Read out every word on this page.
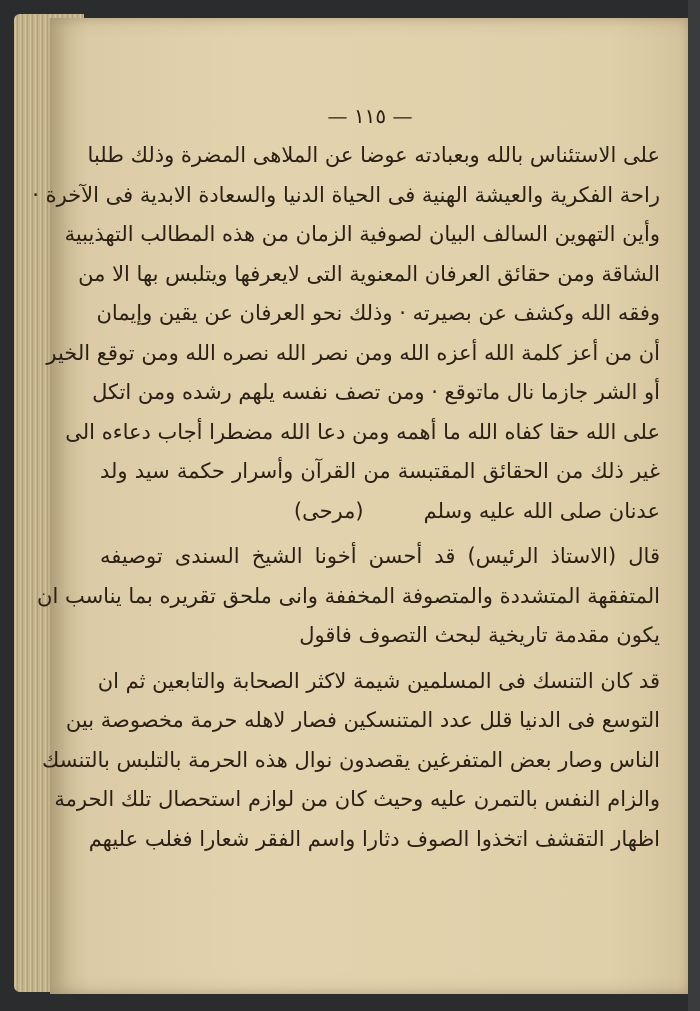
— ١١٥ —
على الاستئناس بالله وبعبادته عوضا عن الملاهى المضرة وذلك طلبا
راحة الفكرية والعيشة الهنية فى الحياة الدنيا والسعادة الابدية فى الآخرة ·
وأين التهوين السالف البيان لصوفية الزمان من هذه المطالب التهذيبية
الشاقة ومن حقائق العرفان المعنوية التى لايعرفها ويتلبس بها الا من
وفقه الله وكشف عن بصيرته · وذلك نحو العرفان عن يقين وإيمان
أن من أعز كلمة الله أعزه الله ومن نصر الله نصره الله ومن توقع الخير
أو الشر جازما نال ماتوقع · ومن تصف نفسه يلهم رشده ومن اتكل
على الله حقا كفاه الله ما أهمه ومن دعا الله مضطرا أجاب دعاءه الى
غير ذلك من الحقائق المقتبسة من القرآن وأسرار حكمة سيد ولد
عدنان صلى الله عليه وسلم
(مرحى)
قال (الاستاذ الرئيس) قد أحسن أخونا الشيخ السندى توصيفه
المتفقهة المتشددة والمتصوفة المخففة وانى ملحق تقريره بما يناسب ان
يكون مقدمة تاريخية لبحث التصوف فاقول
قد كان التنسك فى المسلمين شيمة لاكثر الصحابة والتابعين ثم ان
التوسع فى الدنيا قلل عدد المتنسكين فصار لاهله حرمة مخصوصة بين
الناس وصار بعض المتفرغين يقصدون نوال هذه الحرمة بالتلبس بالتنسك
والزام النفس بالتمرن عليه وحيث كان من لوازم استحصال تلك الحرمة
اظهار التقشف اتخذوا الصوف دثارا واسم الفقر شعارا فغلب عليهم
